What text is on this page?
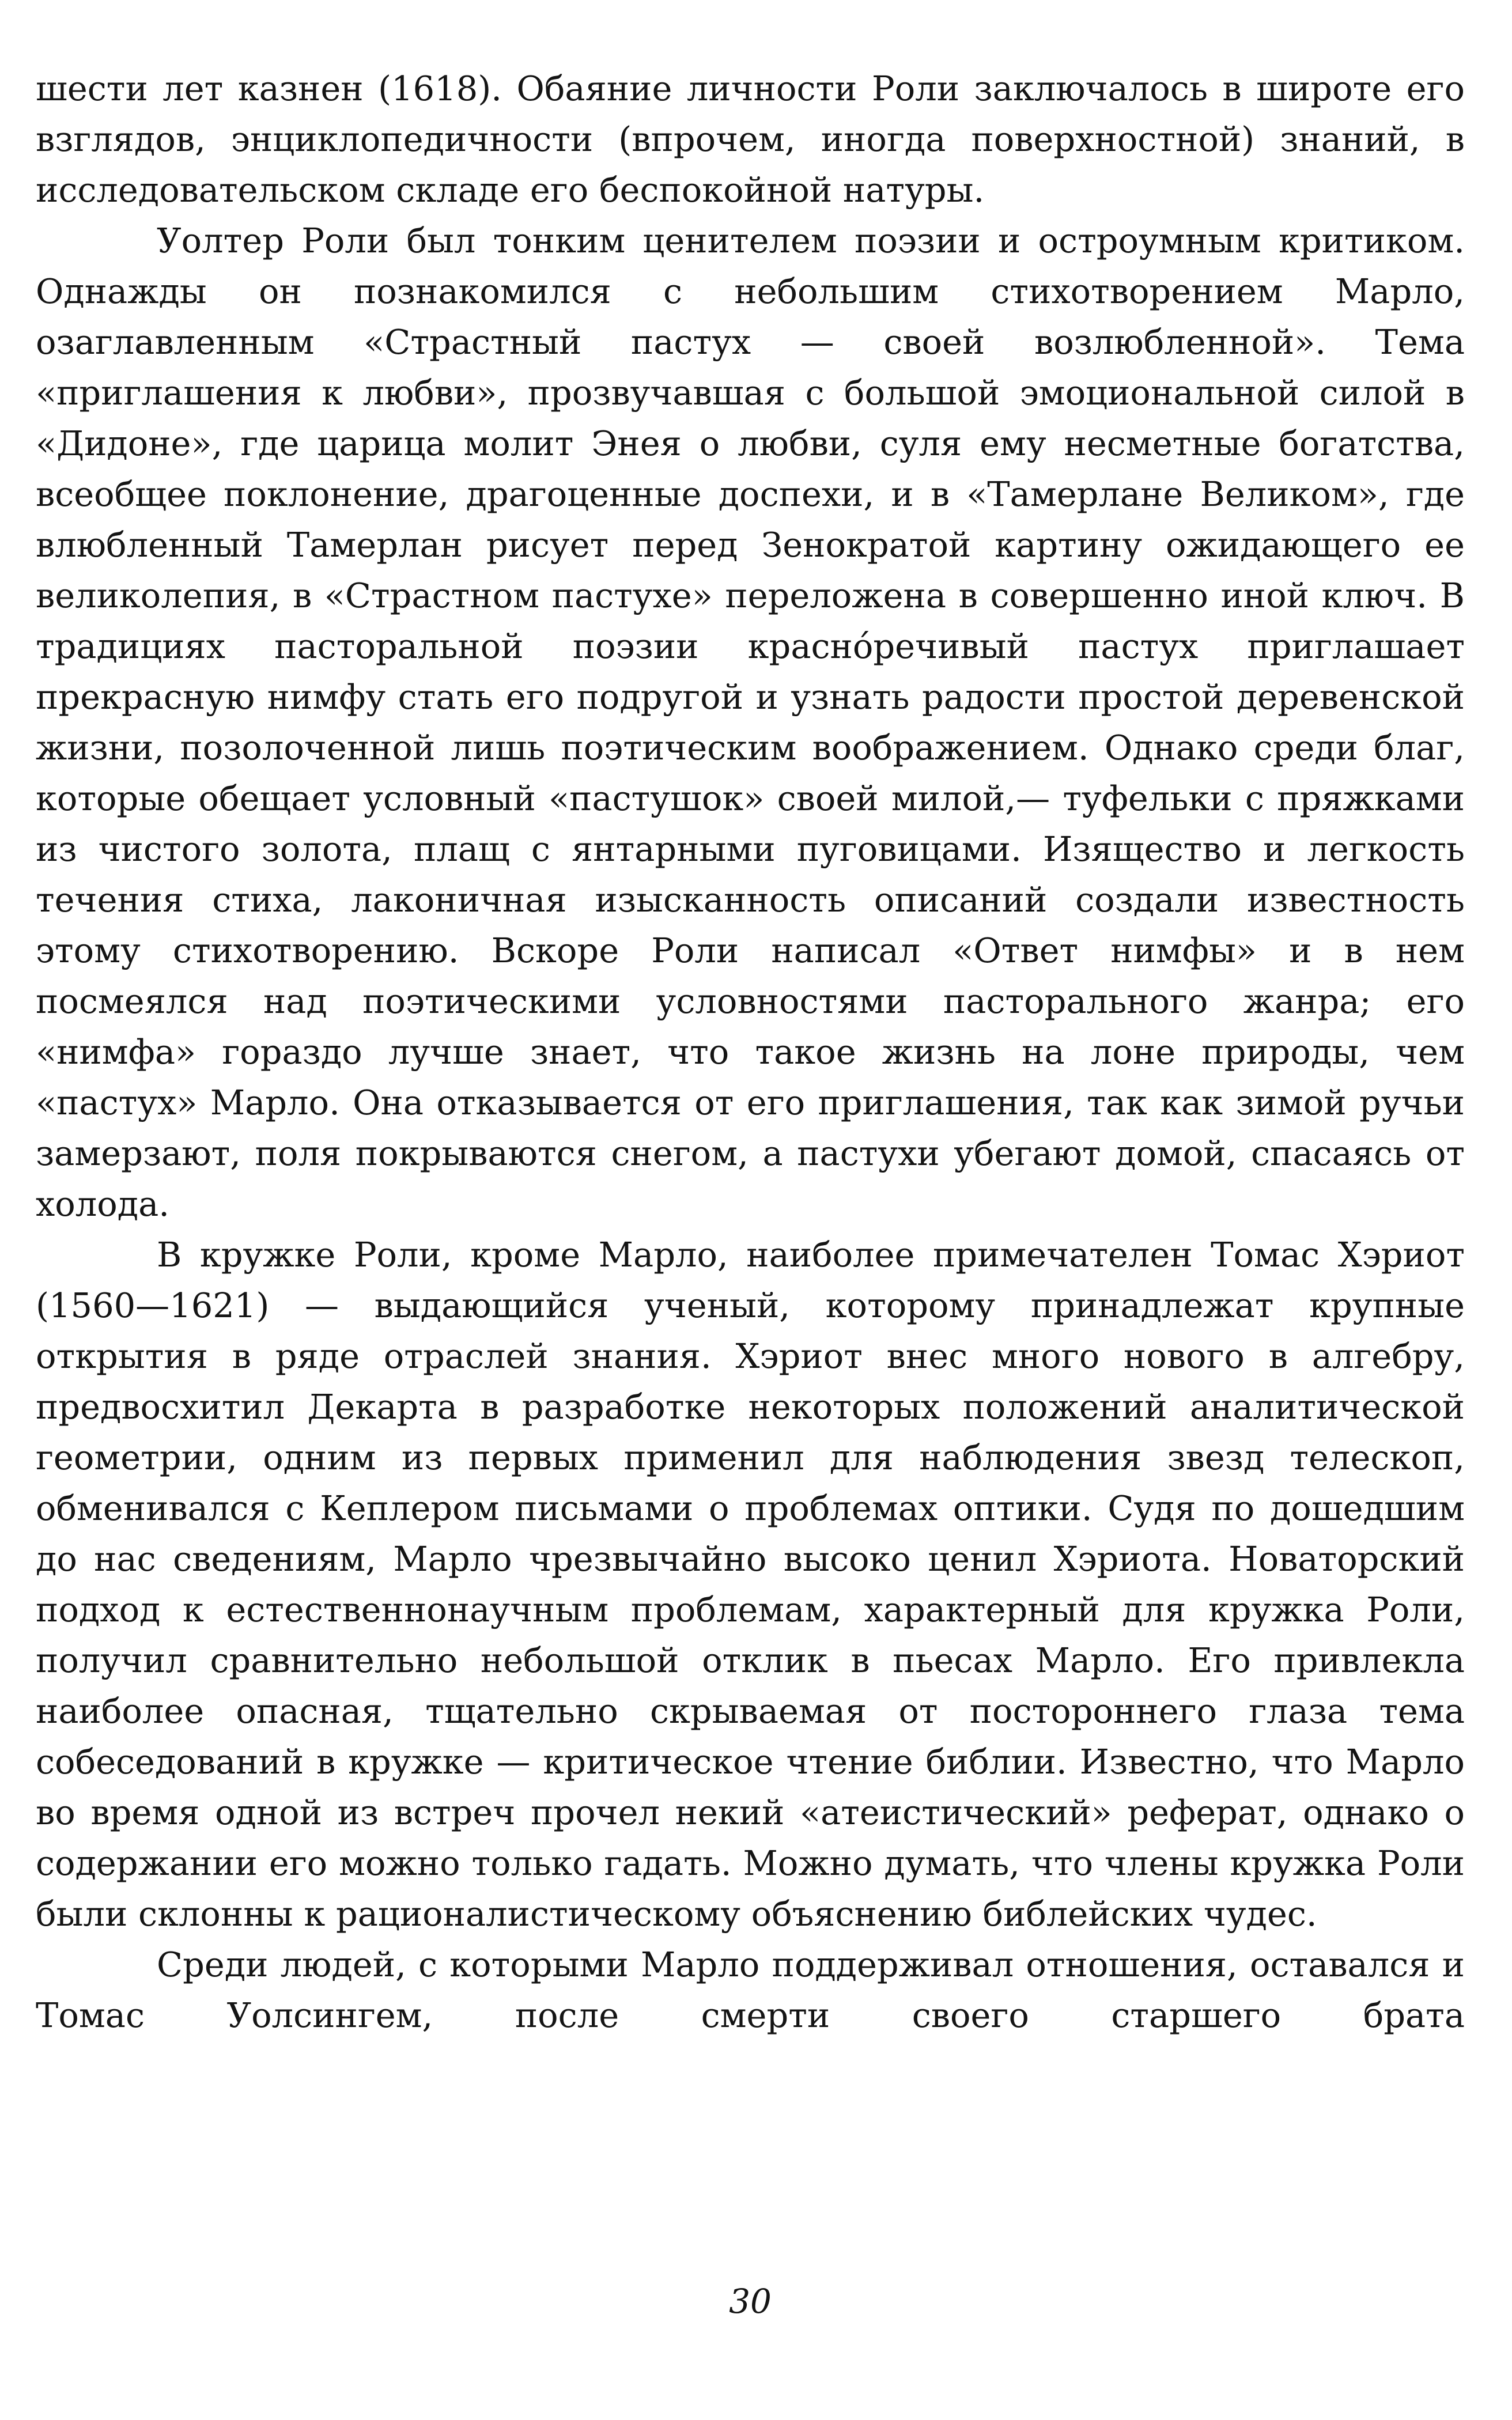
шести лет казнен (1618). Обаяние личности Роли заключалось в широте его взглядов, энциклопедичности (впрочем, иногда поверхностной) знаний, в исследовательском складе его беспокойной натуры.

Уолтер Роли был тонким ценителем поэзии и остроумным критиком. Однажды он познакомился с небольшим стихотворением Марло, озаглавленным «Страстный пастух — своей возлюбленной». Тема «приглашения к любви», прозвучавшая с большой эмоциональной силой в «Дидоне», где царица молит Энея о любви, суля ему несметные богатства, всеобщее поклонение, драгоценные доспехи, и в «Тамерлане Великом», где влюбленный Тамерлан рисует перед Зенократой картину ожидающего ее великолепия, в «Страстном пастухе» переложена в совершенно иной ключ. В традициях пасторальной поэзии краснóречивый пастух приглашает прекрасную нимфу стать его подругой и узнать радости простой деревенской жизни, позолоченной лишь поэтическим воображением. Однако среди благ, которые обещает условный «пастушок» своей милой,— туфельки с пряжками из чистого золота, плащ с янтарными пуговицами. Изящество и легкость течения стиха, лаконичная изысканность описаний создали известность этому стихотворению. Вскоре Роли написал «Ответ нимфы» и в нем посмеялся над поэтическими условностями пасторального жанра; его «нимфа» гораздо лучше знает, что такое жизнь на лоне природы, чем «пастух» Марло. Она отказывается от его приглашения, так как зимой ручьи замерзают, поля покрываются снегом, а пастухи убегают домой, спасаясь от холода.

В кружке Роли, кроме Марло, наиболее примечателен Томас Хэриот (1560—1621) — выдающийся ученый, которому принадлежат крупные открытия в ряде отраслей знания. Хэриот внес много нового в алгебру, предвосхитил Декарта в разработке некоторых положений аналитической геометрии, одним из первых применил для наблюдения звезд телескоп, обменивался с Кеплером письмами о проблемах оптики. Судя по дошедшим до нас сведениям, Марло чрезвычайно высоко ценил Хэриота. Новаторский подход к естественнонаучным проблемам, характерный для кружка Роли, получил сравнительно небольшой отклик в пьесах Марло. Его привлекла наиболее опасная, тщательно скрываемая от постороннего глаза тема собеседований в кружке — критическое чтение библии. Известно, что Марло во время одной из встреч прочел некий «атеистический» реферат, однако о содержании его можно только гадать. Можно думать, что члены кружка Роли были склонны к рационалистическому объяснению библейских чудес.

Среди людей, с которыми Марло поддерживал отношения, оставался и Томас Уолсингем, после смерти своего старшего брата

30
